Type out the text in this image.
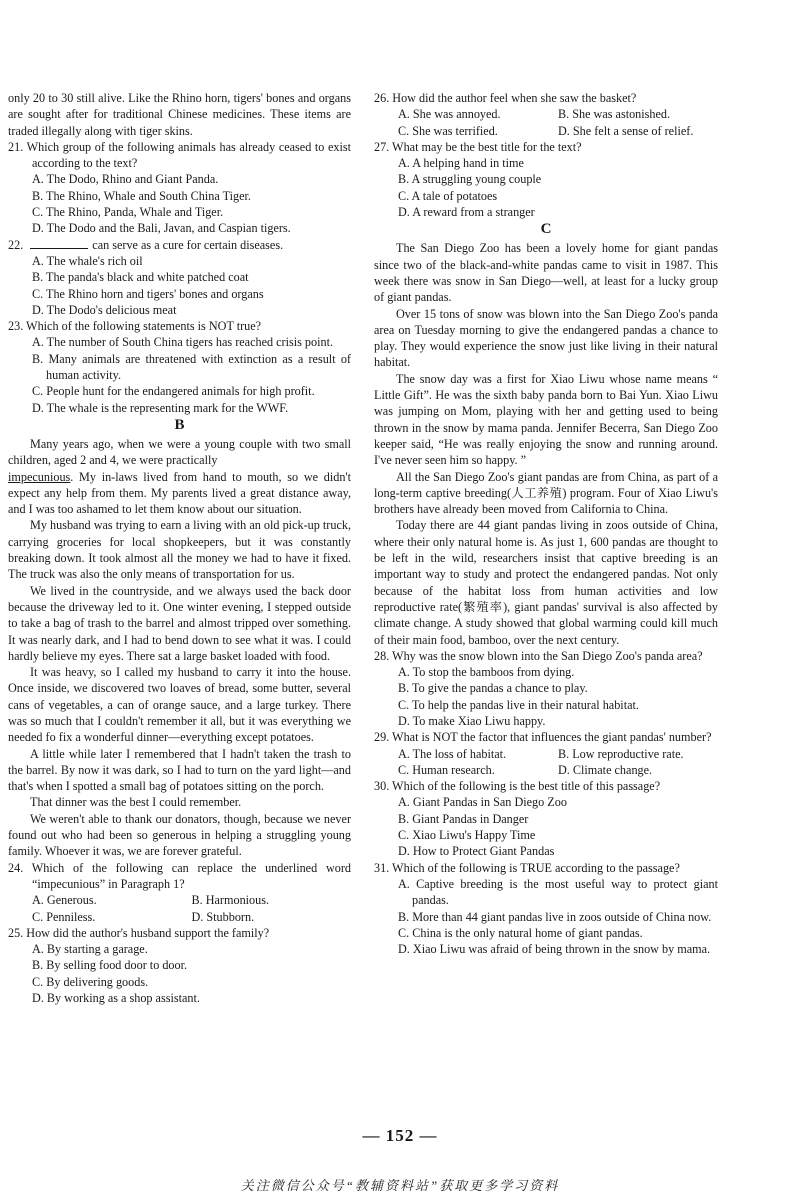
only 20 to 30 still alive. Like the Rhino horn, tigers' bones and organs are sought after for traditional Chinese medicines. These items are traded illegally along with tiger skins.

21. Which group of the following animals has already ceased to exist according to the text?

A. The Dodo, Rhino and Giant Panda.

B. The Rhino, Whale and South China Tiger.

C. The Rhino, Panda, Whale and Tiger.

D. The Dodo and the Bali, Javan, and Caspian tigers.

22.	can serve as a cure for certain diseases.

A. The whale's rich oil

B. The panda's black and white patched coat

C. The Rhino horn and tigers' bones and organs

D. The Dodo's delicious meat

23. Which of the following statements is NOT true?

A. The number of South China tigers has reached crisis point.

B. Many animals are threatened with extinction as a result of human activity.

C. People hunt for the endangered animals for high profit.

D. The whale is the representing mark for the WWF.

B

Many years ago, when we were a young couple with two small children, aged 2 and 4, we were practically
impecunious. My in-laws lived from hand to mouth, so we didn't expect any help from them. My parents lived a great distance away, and I was too ashamed to let them know about our situation.

My husband was trying to earn a living with an old pick-up truck, carrying groceries for local shopkeepers, but it was constantly breaking down. It took almost all the money we had to have it fixed. The truck was also the only means of transportation for us.

We lived in the countryside, and we always used the back door because the driveway led to it. One winter evening, I stepped outside to take a bag of trash to the barrel and almost tripped over something. It was nearly dark, and I had to bend down to see what it was. I could hardly believe my eyes. There sat a large basket loaded with food.

It was heavy, so I called my husband to carry it into the house. Once inside, we discovered two loaves of bread, some butter, several cans of vegetables, a can of orange sauce, and a large turkey. There was so much that I couldn't remember it all, but it was everything we needed fo fix a wonderful dinner—everything except potatoes.

A little while later I remembered that I hadn't taken the trash to the barrel. By now it was dark, so I had to turn on the yard light—and that's when I spotted a small bag of potatoes sitting on the porch.

That dinner was the best I could remember.

We weren't able to thank our donators, though, because we never found out who had been so generous in helping a struggling young family. Whoever it was, we are forever grateful.

24. Which of the following can replace the underlined word “impecunious” in Paragraph 1?

A. Generous.	B. Harmonious.
C. Penniless.	D. Stubborn.

25. How did the author's husband support the family?

A. By starting a garage.

B. By selling food door to door.

C. By delivering goods.

D. By working as a shop assistant.

26. How did the author feel when she saw the basket?

A. She was annoyed.	B. She was astonished.
C. She was terrified.	D. She felt a sense of relief.

27. What may be the best title for the text?

A. A helping hand in time

B. A struggling young couple

C. A tale of potatoes

D. A reward from a stranger

C

The San Diego Zoo has been a lovely home for giant pandas since two of the black-and-white pandas came to visit in 1987. This week there was snow in San Diego—well, at least for a lucky group of giant pandas.

Over 15 tons of snow was blown into the San Diego Zoo's panda area on Tuesday morning to give the endangered pandas a chance to play. They would experience the snow just like living in their natural habitat.

The snow day was a first for Xiao Liwu whose name means “ Little Gift”. He was the sixth baby panda born to Bai Yun. Xiao Liwu was jumping on Mom, playing with her and getting used to being thrown in the snow by mama panda. Jennifer Becerra, San Diego Zoo keeper said, “He was really enjoying the snow and running around. I've never seen him so happy. ”

All the San Diego Zoo's giant pandas are from China, as part of a long-term captive breeding(人工养殖) program. Four of Xiao Liwu's brothers have already been moved from California to China.

Today there are 44 giant pandas living in zoos outside of China, where their only natural home is. As just 1, 600 pandas are thought to be left in the wild, researchers insist that captive breeding is an important way to study and protect the endangered pandas. Not only because of the habitat loss from human activities and low reproductive rate(繁殖率), giant pandas' survival is also affected by climate change. A study showed that global warming could kill much of their main food, bamboo, over the next century.

28. Why was the snow blown into the San Diego Zoo's panda area?

A. To stop the bamboos from dying.

B. To give the pandas a chance to play.

C. To help the pandas live in their natural habitat.

D. To make Xiao Liwu happy.

29. What is NOT the factor that influences the giant pandas' number?

A. The loss of habitat.	B. Low reproductive rate.
C. Human research.	D. Climate change.

30. Which of the following is the best title of this passage?

A. Giant Pandas in San Diego Zoo

B. Giant Pandas in Danger

C. Xiao Liwu's Happy Time

D. How to Protect Giant Pandas

31. Which of the following is TRUE according to the passage?

A. Captive breeding is the most useful way to protect giant pandas.

B. More than 44 giant pandas live in zoos outside of China now.

C. China is the only natural home of giant pandas.

D. Xiao Liwu was afraid of being thrown in the snow by mama.

— 152 —
关注微信公众号“教辅资料站”获取更多学习资料
